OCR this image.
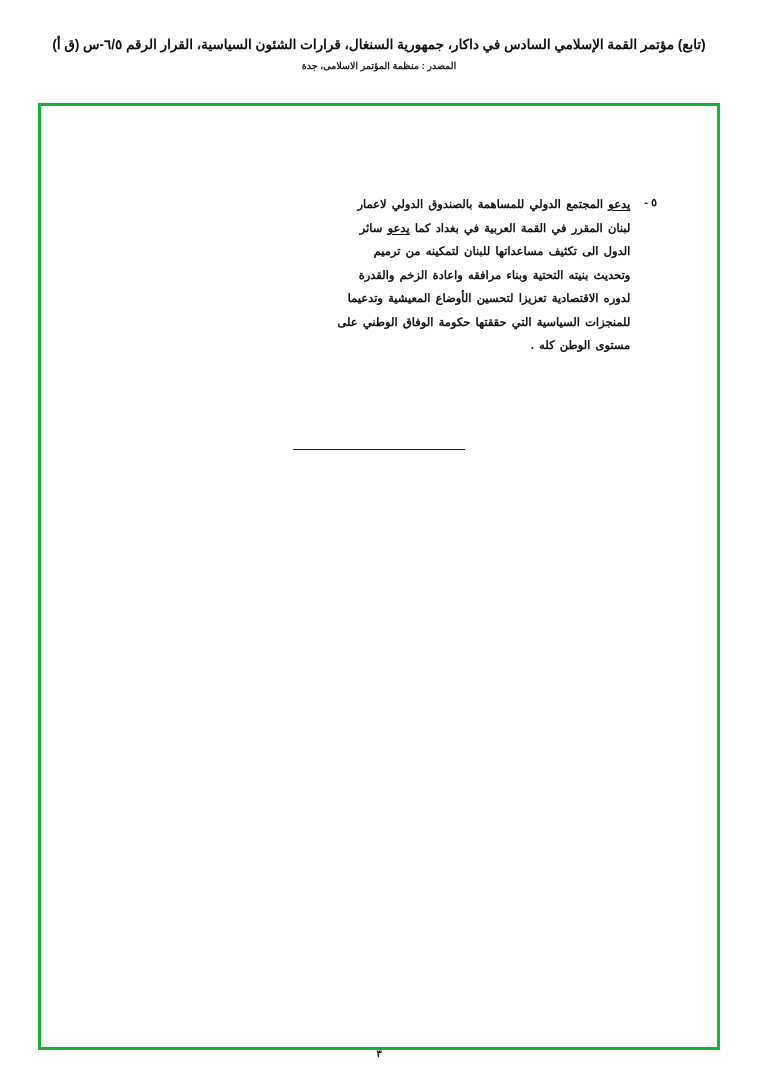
(تابع) مؤتمر القمة الإسلامي السادس في داكار، جمهورية السنغال، قرارات الشئون السياسية، القرار الرقم ٦/٥-س (ق أ)
المصدر : منظمة المؤتمر الاسلامى، جدة
٥ -
يدعو المجتمع الدولي للمساهمة بالصندوق الدولي لاعمار
لبنان المقرر في القمة العربية في بغداد كما يدعو سائر
الدول الى تكثيف مساعداتها للبنان لتمكينه من ترميم
وتحديث بنيته التحتية وبناء مرافقه واعادة الزخم والقدرة
لدوره الاقتصادية تعزيزا لتحسين الأوضاع المعيشية وتدعيما
للمنجزات السياسية التي حققتها حكومة الوفاق الوطني على
مستوى الوطن كله .
٣
